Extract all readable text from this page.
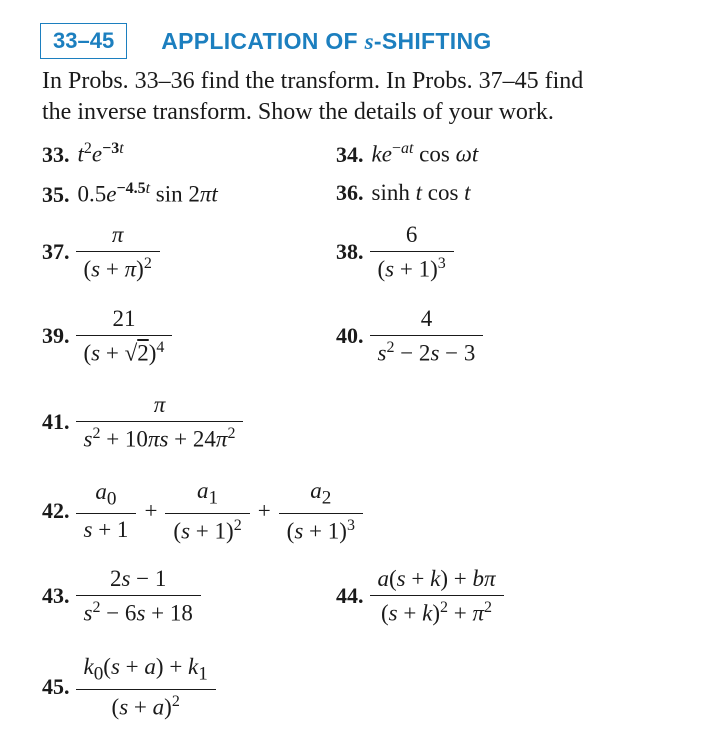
33–45	APPLICATION OF s-SHIFTING
In Probs. 33–36 find the transform. In Probs. 37–45 find
the inverse transform. Show the details of your work.
33. $t^2e^{-3t}$	34. $ke^{-at}$ cos ωt
35. $0.5e^{-4.5t}$ sin 2πt	36. sinh t cos t
37. $\frac{\pi}{(s + \pi)^2}$	38. $\frac{6}{(s + 1)^3}$
39. $\frac{21}{(s + √2)^4}$	40. $\frac{4}{s^2 - 2s - 3}$
41. $\frac{\pi}{s^2 + 10\pi s + 24\pi^2}$
42. $\frac{a_0}{s + 1} + \frac{a_1}{(s + 1)^2} + \frac{a_2}{(s + 1)^3}$
43. $\frac{2s - 1}{s^2 - 6s + 18}$	44. $\frac{a(s + k) + b\pi}{(s + k)^2 + \pi^2}$
45. $\frac{k_0(s + a) + k_1}{(s + a)^2}$
